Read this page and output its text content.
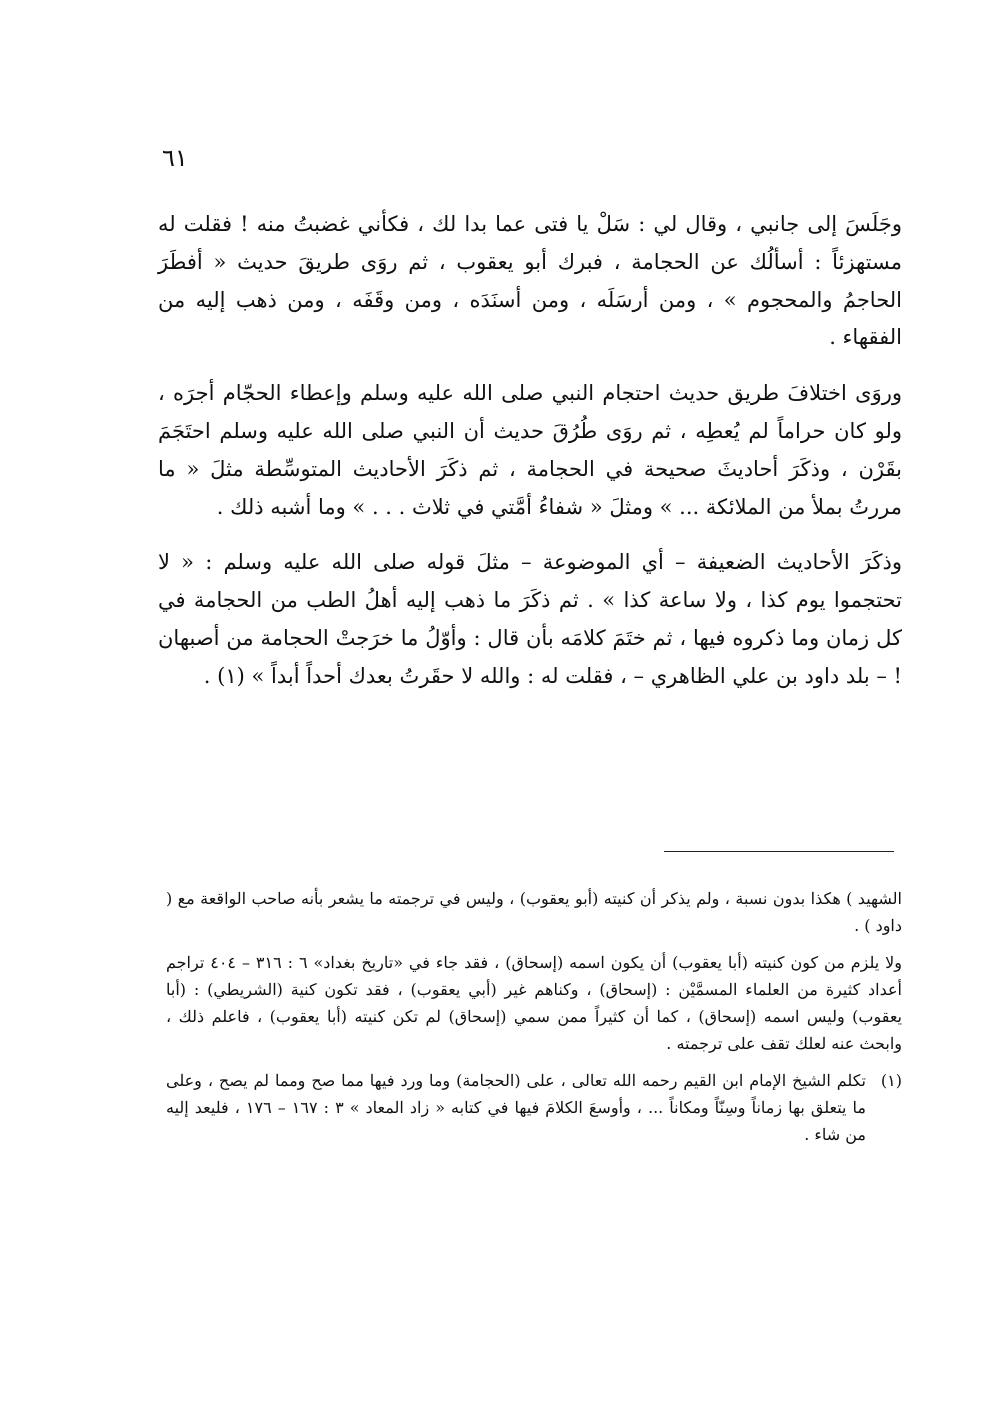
٦١

وجَلَسَ إلى جانبي ، وقال لي : سَلْ يا فتى عما بدا لك ، فكأني غضبتُ منه ! فقلت له مستهزئاً : أسألُك عن الحجامة ، فبرك أبو يعقوب ، ثم روَى طريقَ حديث « أفطَرَ الحاجمُ والمحجوم » ، ومن أرسَلَه ، ومن أسنَدَه ، ومن وقَفَه ، ومن ذهب إليه من الفقهاء .

وروَى اختلافَ طريق حديث احتجام النبي صلى الله عليه وسلم وإعطاء الحجّام أجرَه ، ولو كان حراماً لم يُعطِه ، ثم روَى طُرُقَ حديث أن النبي صلى الله عليه وسلم احتَجَمَ بقَرْن ، وذكَرَ أحاديثَ صحيحة في الحجامة ، ثم ذكَرَ الأحاديث المتوسِّطة مثلَ « ما مررتُ بملأ من الملائكة ... » ومثلَ « شفاءُ أمَّتي في ثلاث . . . » وما أشبه ذلك .

وذكَرَ الأحاديث الضعيفة – أي الموضوعة – مثلَ قوله صلى الله عليه وسلم : « لا تحتجموا يوم كذا ، ولا ساعة كذا » . ثم ذكَرَ ما ذهب إليه أهلُ الطب من الحجامة في كل زمان وما ذكروه فيها ، ثم ختَمَ كلامَه بأن قال : وأوّلُ ما خرَجتْ الحجامة من أصبهان ! – بلد داود بن علي الظاهري – ، فقلت له : والله لا حقَرتُ بعدك أحداً أبداً » (١) .

الشهيد ) هكذا بدون نسبة ، ولم يذكر أن كنيته (أبو يعقوب) ، وليس في ترجمته ما يشعر بأنه صاحب الواقعة مع ( داود ) .

ولا يلزم من كون كنيته (أبا يعقوب) أن يكون اسمه (إسحاق) ، فقد جاء في «تاريخ بغداد» ٦ : ٣١٦ – ٤٠٤ تراجم أعداد كثيرة من العلماء المسمَّيْن : (إسحاق) ، وكناهم غير (أبي يعقوب) ، فقد تكون كنية (الشريطي) : (أبا يعقوب) وليس اسمه (إسحاق) ، كما أن كثيراً ممن سمي (إسحاق) لم تكن كنيته (أبا يعقوب) ، فاعلم ذلك ، وابحث عنه لعلك تقف على ترجمته .

(١)

تكلم الشيخ الإمام ابن القيم رحمه الله تعالى ، على (الحجامة) وما ورد فيها مما صح ومما لم يصح ، وعلى ما يتعلق بها زماناً وسِنّاً ومكاناً ... ، وأوسعَ الكلامَ فيها في كتابه « زاد المعاد » ٣ : ١٦٧ – ١٧٦ ، فليعد إليه من شاء .
